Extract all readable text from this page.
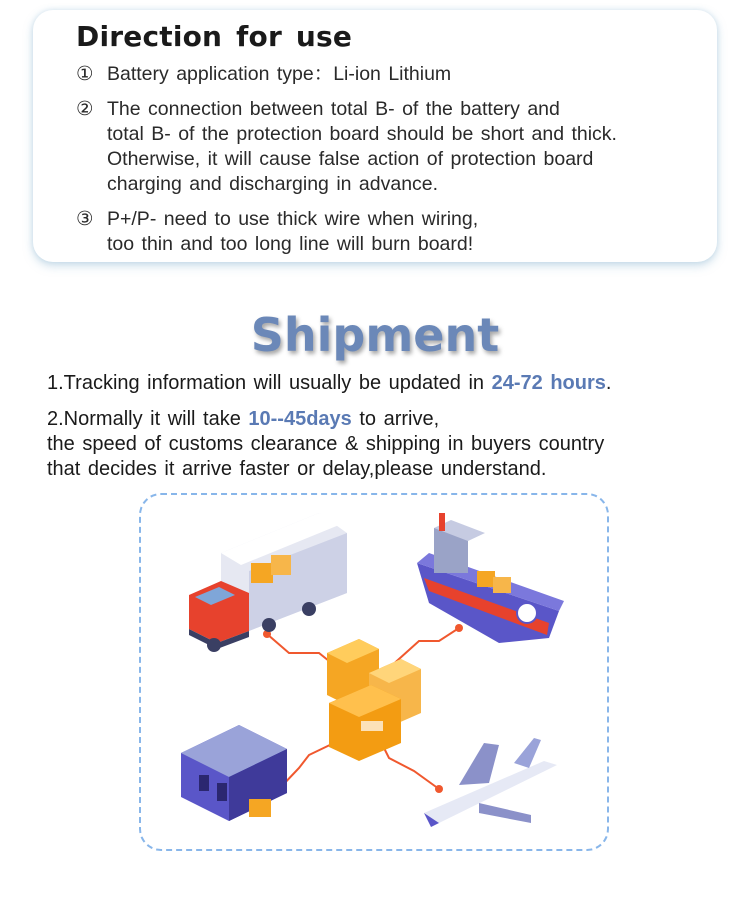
Direction for use
① Battery application type：Li-ion Lithium
② The connection between total B- of the battery and
total B- of the protection board should be short and thick.
Otherwise, it will cause false action of protection board
charging and discharging in advance.
③ P+/P- need to use thick wire when wiring,
too thin and too long line will burn board!
Shipment
1.Tracking information will usually be updated in 24-72 hours.
2.Normally it will take 10--45days to arrive,
the speed of customs clearance & shipping in buyers country
that decides it arrive faster or delay,please understand.
